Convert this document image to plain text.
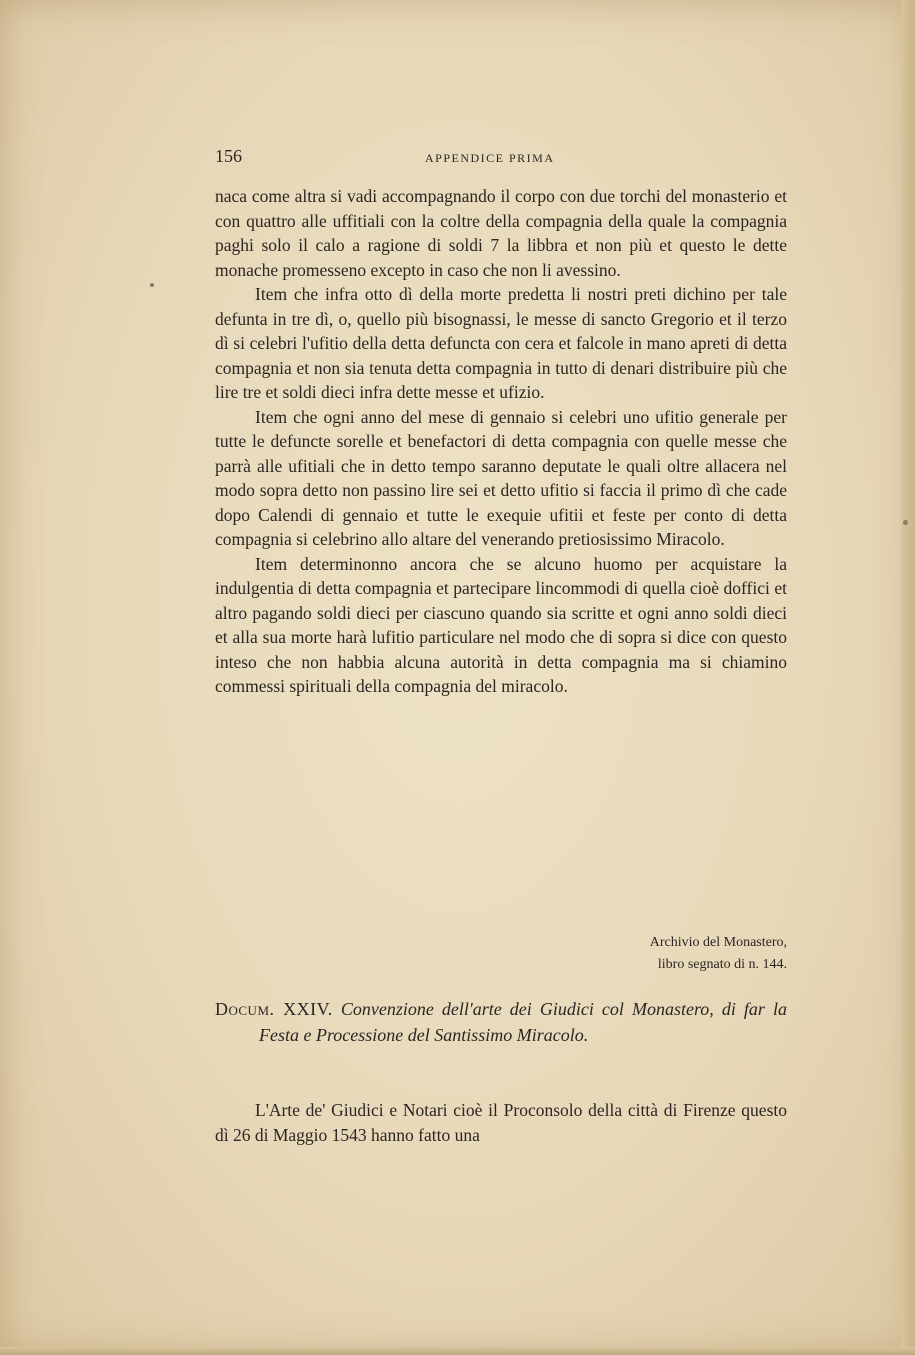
156	APPENDICE PRIMA

naca come altra si vadi accompagnando il corpo con due torchi del monasterio et con quattro alle uffitiali con la coltre della compagnia della quale la compagnia paghi solo il calo a ragione di soldi 7 la libbra et non più et questo le dette monache promesseno excepto in caso che non li avessino.

Item che infra otto dì della morte predetta li nostri preti dichino per tale defunta in tre dì, o, quello più bisognassi, le messe di sancto Gregorio et il terzo dì si celebri l'ufitio della detta defuncta con cera et falcole in mano apreti di detta compagnia et non sia tenuta detta compagnia in tutto di denari distribuire più che lire tre et soldi dieci infra dette messe et ufizio.

Item che ogni anno del mese di gennaio si celebri uno ufitio generale per tutte le defuncte sorelle et benefactori di detta compagnia con quelle messe che parrà alle ufitiali che in detto tempo saranno deputate le quali oltre allacera nel modo sopra detto non passino lire sei et detto ufitio si faccia il primo dì che cade dopo Calendi di gennaio et tutte le exequie ufitii et feste per conto di detta compagnia si celebrino allo altare del venerando pretiosissimo Miracolo.

Item determinonno ancora che se alcuno huomo per acquistare la indulgentia di detta compagnia et partecipare lincommodi di quella cioè doffici et altro pagando soldi dieci per ciascuno quando sia scritte et ogni anno soldi dieci et alla sua morte harà lufitio particulare nel modo che di sopra si dice con questo inteso che non habbia alcuna autorità in detta compagnia ma si chiamino commessi spirituali della compagnia del miracolo.

Archivio del Monastero,
libro segnato di n. 144.
Docum. XXIV. Convenzione dell'arte dei Giudici col Monastero, di far la Festa e Processione del Santissimo Miracolo.
L'Arte de' Giudici e Notari cioè il Proconsolo della città di Firenze questo dì 26 di Maggio 1543 hanno fatto una
